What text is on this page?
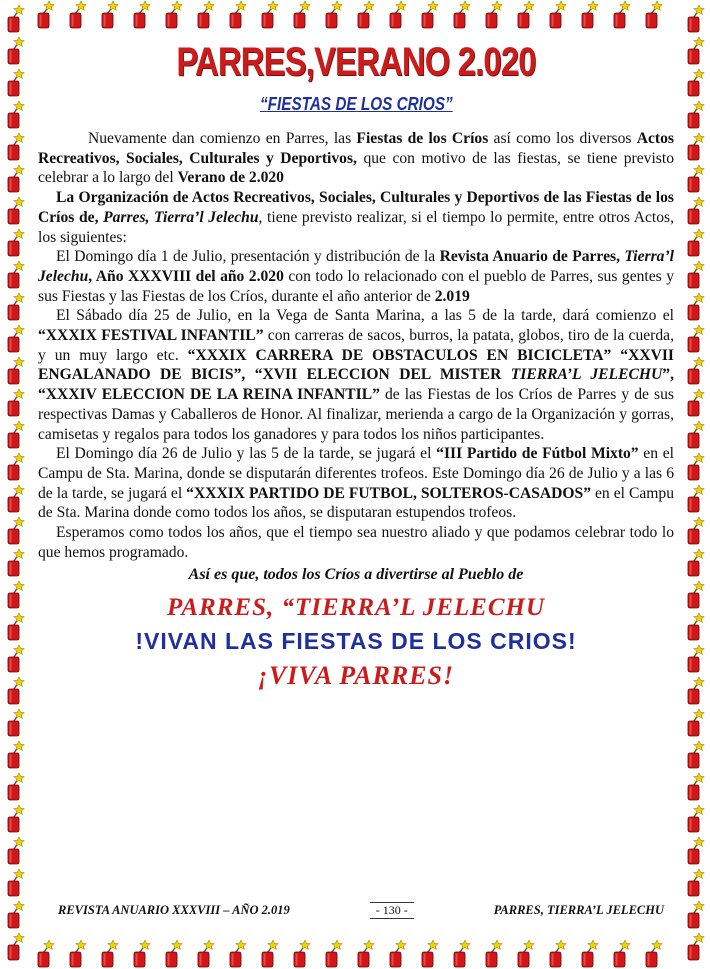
PARRES,VERANO 2.020
“FIESTAS DE LOS CRIOS”

Nuevamente dan comienzo en Parres, las Fiestas de los Críos así como los diversos Actos Recreativos, Sociales, Culturales y Deportivos, que con motivo de las fiestas, se tiene previsto celebrar a lo largo del Verano de 2.020

La Organización de Actos Recreativos, Sociales, Culturales y Deportivos de las Fiestas de los Críos de, Parres, Tierra’l Jelechu, tiene previsto realizar, si el tiempo lo permite, entre otros Actos, los siguientes:

El Domingo día 1 de Julio, presentación y distribución de la Revista Anuario de Parres, Tierra’l Jelechu, Año XXXVIII del año 2.020 con todo lo relacionado con el pueblo de Parres, sus gentes y sus Fiestas y las Fiestas de los Críos, durante el año anterior de 2.019

El Sábado día 25 de Julio, en la Vega de Santa Marina, a las 5 de la tarde, dará comienzo el “XXXIX FESTIVAL INFANTIL” con carreras de sacos, burros, la patata, globos, tiro de la cuerda, y un muy largo etc. “XXXIX CARRERA DE OBSTACULOS EN BICICLETA” “XXVII ENGALANADO DE BICIS”, “XVII ELECCION DEL MISTER TIERRA’L JELECHU”, “XXXIV ELECCION DE LA REINA INFANTIL” de las Fiestas de los Críos de Parres y de sus respectivas Damas y Caballeros de Honor. Al finalizar, merienda a cargo de la Organización y gorras, camisetas y regalos para todos los ganadores y para todos los niños participantes.

El Domingo día 26 de Julio y las 5 de la tarde, se jugará el “III Partido de Fútbol Mixto” en el Campu de Sta. Marina, donde se disputarán diferentes trofeos. Este Domingo día 26 de Julio y a las 6 de la tarde, se jugará el “XXXIX PARTIDO DE FUTBOL, SOLTEROS-CASADOS” en el Campu de Sta. Marina donde como todos los años, se disputaran estupendos trofeos.

Esperamos como todos los años, que el tiempo sea nuestro aliado y que podamos celebrar todo lo que hemos programado.

Así es que, todos los Críos a divertirse al Pueblo de

PARRES, “TIERRA’L JELECHU

!VIVAN LAS FIESTAS DE LOS CRIOS!

¡VIVA PARRES!

REVISTA ANUARIO XXXVIII – AÑO 2.019	- 130 -	PARRES, TIERRA’L JELECHU
